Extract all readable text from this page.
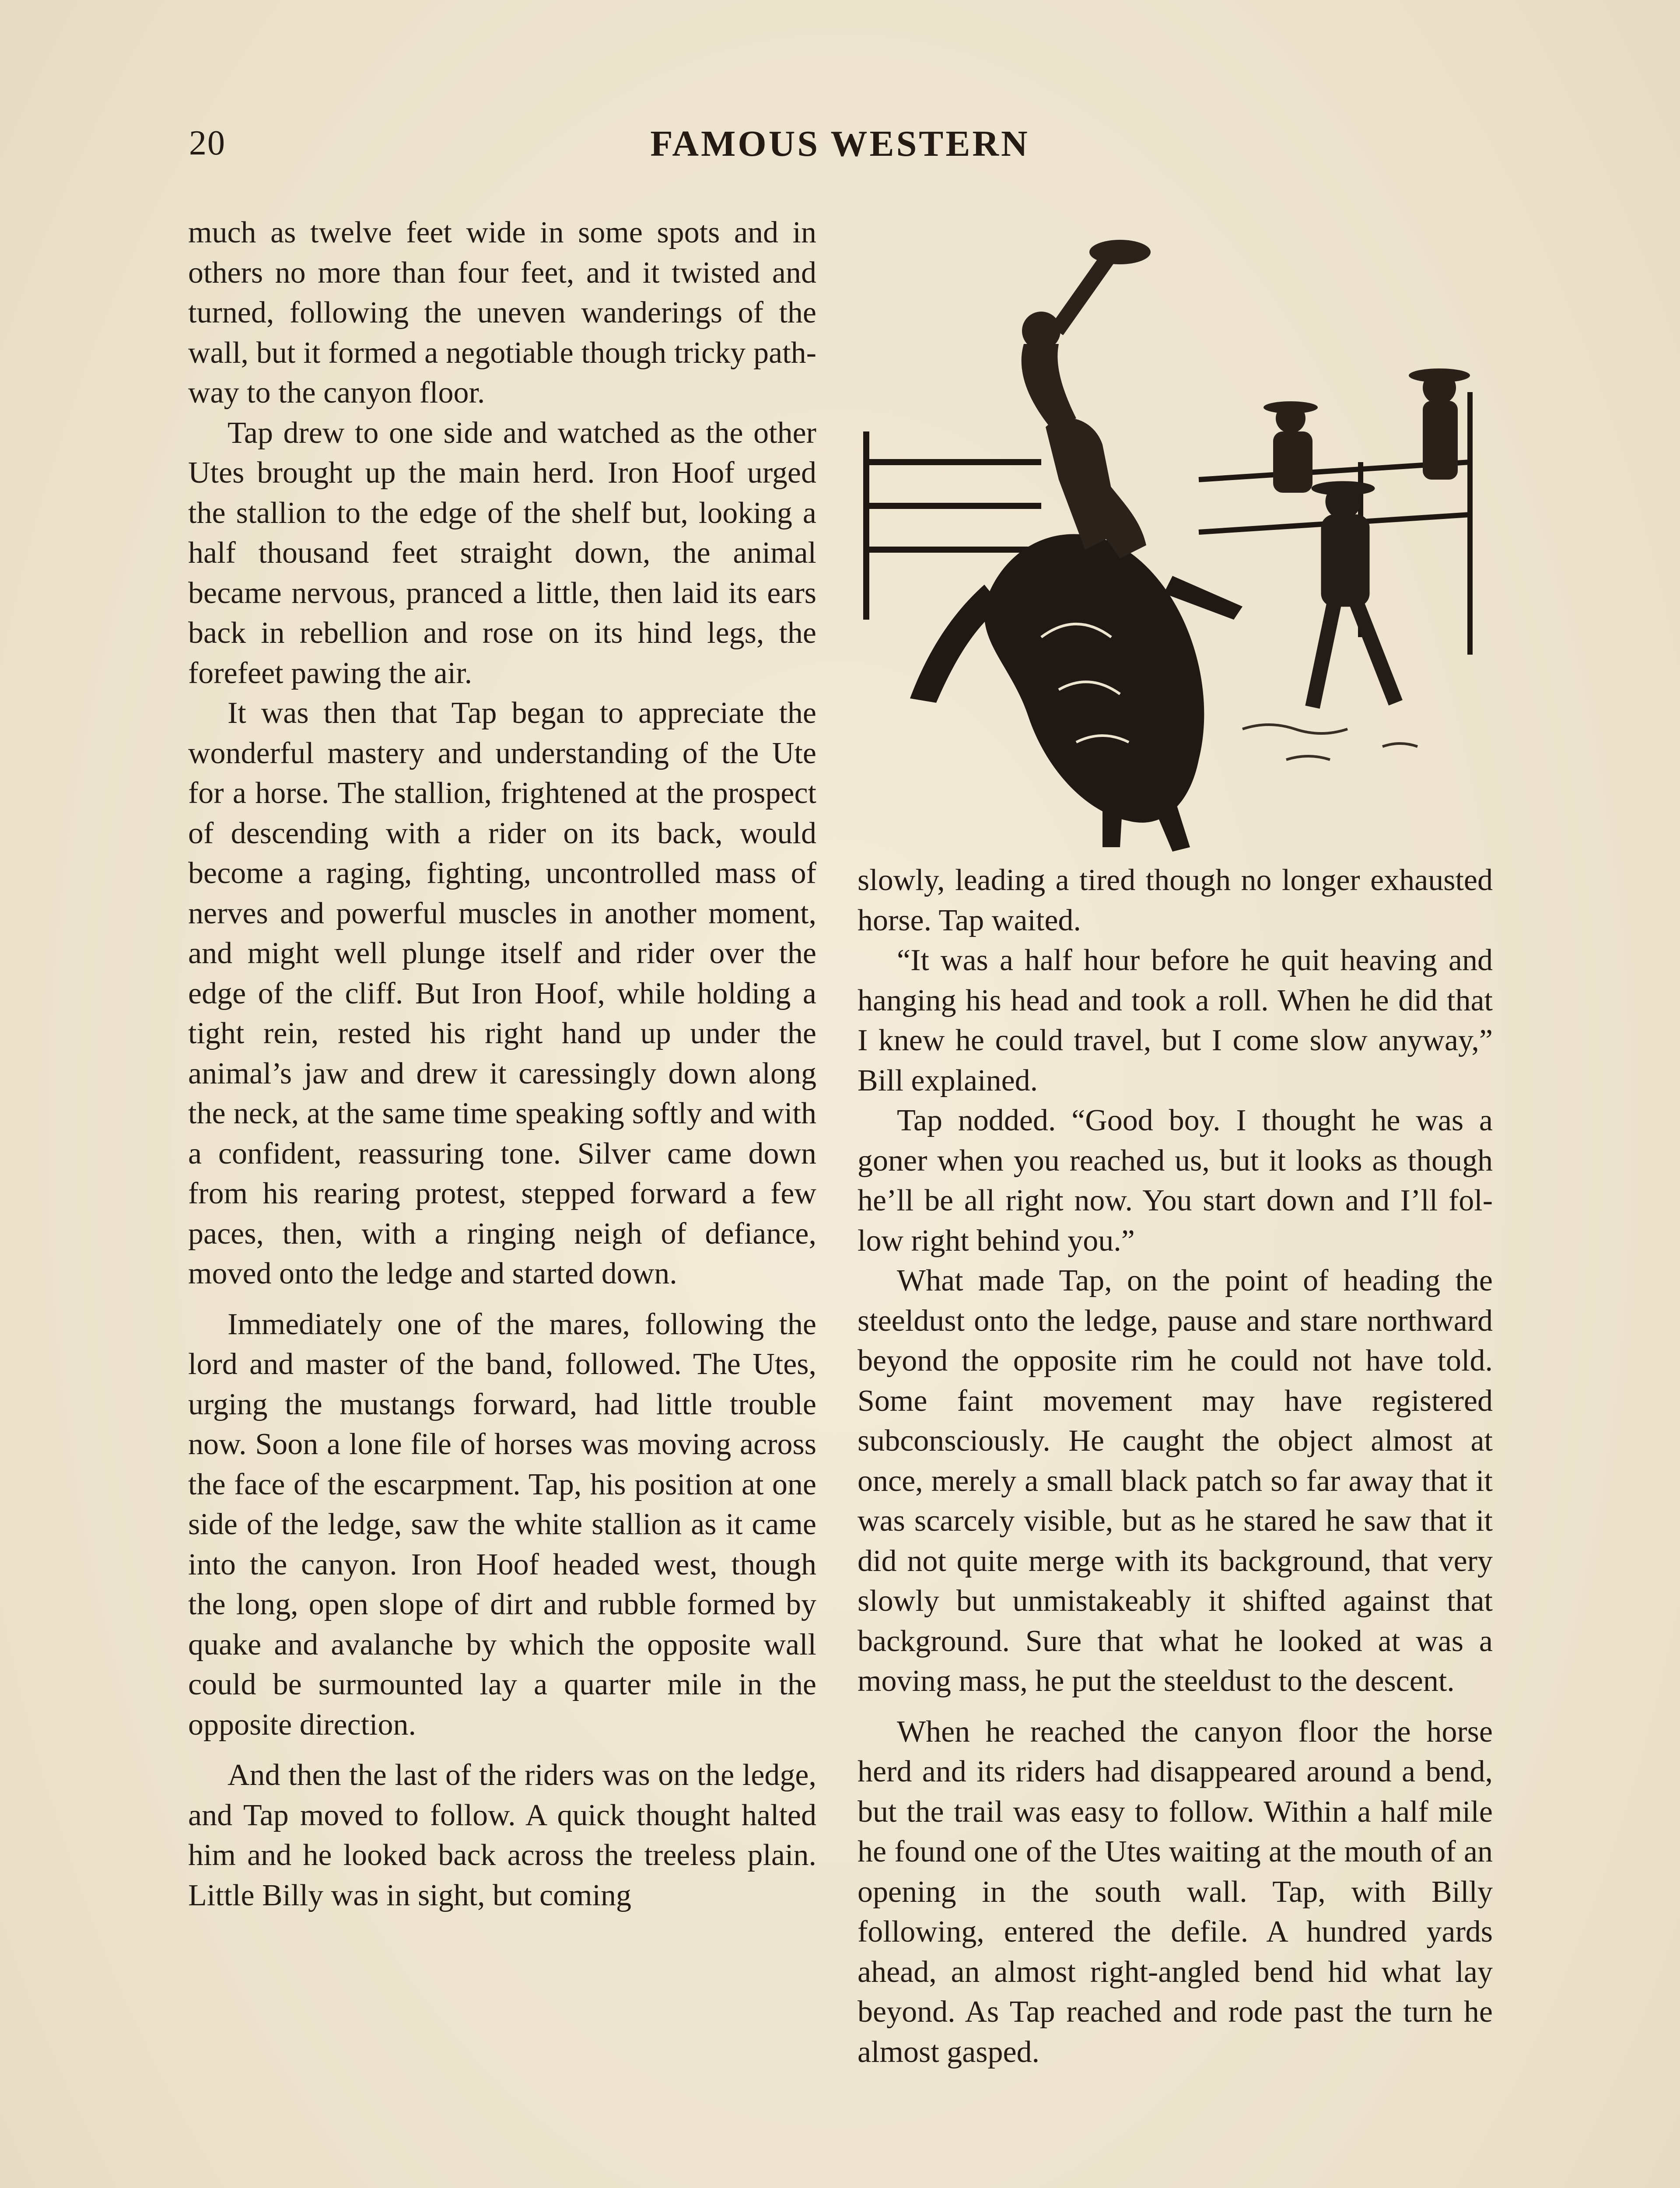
20	FAMOUS WESTERN

much as twelve feet wide in some spots and in others no more than four feet, and it twisted and turned, following the uneven wanderings of the wall, but it formed a negotiable though tricky pathway to the canyon floor.

Tap drew to one side and watched as the other Utes brought up the main herd. Iron Hoof urged the stallion to the edge of the shelf but, looking a half thousand feet straight down, the animal became nervous, pranced a little, then laid its ears back in rebellion and rose on its hind legs, the forefeet pawing the air.

It was then that Tap began to appreciate the wonderful mastery and understanding of the Ute for a horse. The stallion, frightened at the prospect of descending with a rider on its back, would become a raging, fighting, uncontrolled mass of nerves and powerful muscles in another moment, and might well plunge itself and rider over the edge of the cliff. But Iron Hoof, while holding a tight rein, rested his right hand up under the animal’s jaw and drew it caressingly down along the neck, at the same time speaking softly and with a confident, reassuring tone. Silver came down from his rearing protest, stepped forward a few paces, then, with a ringing neigh of defiance, moved onto the ledge and started down.

Immediately one of the mares, following the lord and master of the band, followed. The Utes, urging the mustangs forward, had little trouble now. Soon a lone file of horses was moving across the face of the escarpment. Tap, his position at one side of the ledge, saw the white stallion as it came into the canyon. Iron Hoof headed west, though the long, open slope of dirt and rubble formed by quake and avalanche by which the opposite wall could be surmounted lay a quarter mile in the opposite direction.

And then the last of the riders was on the ledge, and Tap moved to follow. A quick thought halted him and he looked back across the treeless plain. Little Billy was in sight, but coming

slowly, leading a tired though no longer exhausted horse. Tap waited.

“It was a half hour before he quit heaving and hanging his head and took a roll. When he did that I knew he could travel, but I come slow anyway,” Bill explained.

Tap nodded. “Good boy. I thought he was a goner when you reached us, but it looks as though he’ll be all right now. You start down and I’ll follow right behind you.”

What made Tap, on the point of heading the steeldust onto the ledge, pause and stare northward beyond the opposite rim he could not have told. Some faint movement may have registered subconsciously. He caught the object almost at once, merely a small black patch so far away that it was scarcely visible, but as he stared he saw that it did not quite merge with its background, that very slowly but unmistakeably it shifted against that background. Sure that what he looked at was a moving mass, he put the steeldust to the descent.

When he reached the canyon floor the horse herd and its riders had disappeared around a bend, but the trail was easy to follow. Within a half mile he found one of the Utes waiting at the mouth of an opening in the south wall. Tap, with Billy following, entered the defile. A hundred yards ahead, an almost right-angled bend hid what lay beyond. As Tap reached and rode past the turn he almost gasped.
